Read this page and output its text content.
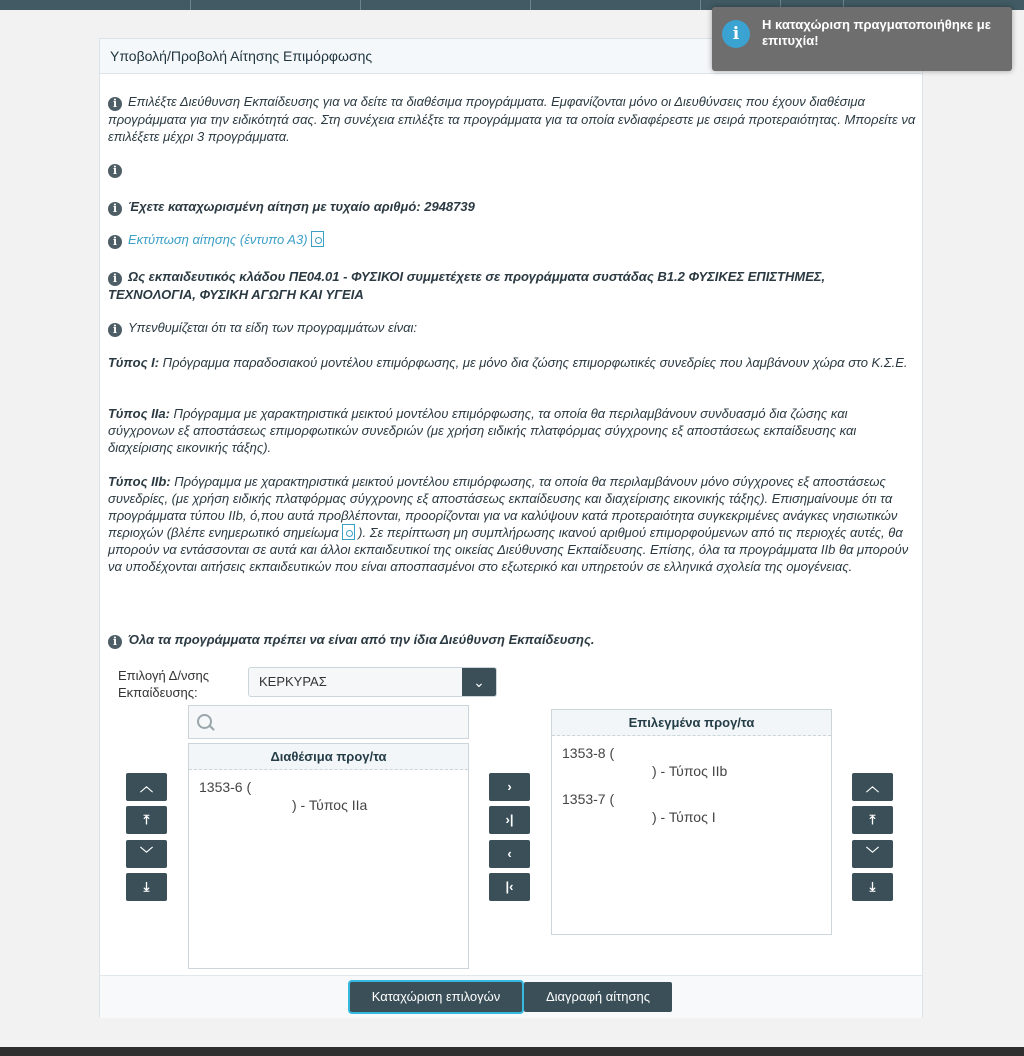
Υποβολή/Προβολή Αίτησης Επιμόρφωσης
i Επιλέξτε Διεύθυνση Εκπαίδευσης για να δείτε τα διαθέσιμα προγράμματα. Εμφανίζονται μόνο οι Διευθύνσεις που έχουν διαθέσιμα προγράμματα για την ειδικότητά σας. Στη συνέχεια επιλέξτε τα προγράμματα για τα οποία ενδιαφέρεστε με σειρά προτεραιότητας. Μπορείτε να επιλέξετε μέχρι 3 προγράμματα.
i
i Έχετε καταχωρισμένη αίτηση με τυχαίο αριθμό: 2948739
i Εκτύπωση αίτησης (έντυπο Α3)
i Ως εκπαιδευτικός κλάδου ΠΕ04.01 - ΦΥΣΙΚΟΙ συμμετέχετε σε προγράμματα συστάδας Β1.2 ΦΥΣΙΚΕΣ ΕΠΙΣΤΗΜΕΣ, ΤΕΧΝΟΛΟΓΙΑ, ΦΥΣΙΚΗ ΑΓΩΓΗ ΚΑΙ ΥΓΕΙΑ
i Υπενθυμίζεται ότι τα είδη των προγραμμάτων είναι:
Τύπος I: Πρόγραμμα παραδοσιακού μοντέλου επιμόρφωσης, με μόνο δια ζώσης επιμορφωτικές συνεδρίες που λαμβάνουν χώρα στο Κ.Σ.Ε.
Τύπος IIa: Πρόγραμμα με χαρακτηριστικά μεικτού μοντέλου επιμόρφωσης, τα οποία θα περιλαμβάνουν συνδυασμό δια ζώσης και σύγχρονων εξ αποστάσεως επιμορφωτικών συνεδριών (με χρήση ειδικής πλατφόρμας σύγχρονης εξ αποστάσεως εκπαίδευσης και διαχείρισης εικονικής τάξης).
Τύπος IIb: Πρόγραμμα με χαρακτηριστικά μεικτού μοντέλου επιμόρφωσης, τα οποία θα περιλαμβάνουν μόνο σύγχρονες εξ αποστάσεως συνεδρίες, (με χρήση ειδικής πλατφόρμας σύγχρονης εξ αποστάσεως εκπαίδευσης και διαχείρισης εικονικής τάξης). Επισημαίνουμε ότι τα προγράμματα τύπου IIb, ό,που αυτά προβλέπονται, προορίζονται για να καλύψουν κατά προτεραιότητα συγκεκριμένες ανάγκες νησιωτικών περιοχών (βλέπε ενημερωτικό σημείωμα ). Σε περίπτωση μη συμπλήρωσης ικανού αριθμού επιμορφούμενων από τις περιοχές αυτές, θα μπορούν να εντάσσονται σε αυτά και άλλοι εκπαιδευτικοί της οικείας Διεύθυνσης Εκπαίδευσης. Επίσης, όλα τα προγράμματα IIb θα μπορούν να υποδέχονται αιτήσεις εκπαιδευτικών που είναι αποσπασμένοι στο εξωτερικό και υπηρετούν σε ελληνικά σχολεία της ομογένειας.
i Όλα τα προγράμματα πρέπει να είναι από την ίδια Διεύθυνση Εκπαίδευσης.
Επιλογή Δ/νσης Εκπαίδευσης:
ΚΕΡΚΥΡΑΣ	⌄
Διαθέσιμα προγ/τα
1353-6 (
) - Τύπος IIa
Επιλεγμένα προγ/τα
1353-8 (
) - Τύπος IIb
1353-7 (
) - Τύπος I
︿
⤒
﹀
⤓
›
›|
‹
|‹
︿
⤒
﹀
⤓
Καταχώριση επιλογών	Διαγραφή αίτησης
i	Η καταχώριση πραγματοποιήθηκε με επιτυχία!
